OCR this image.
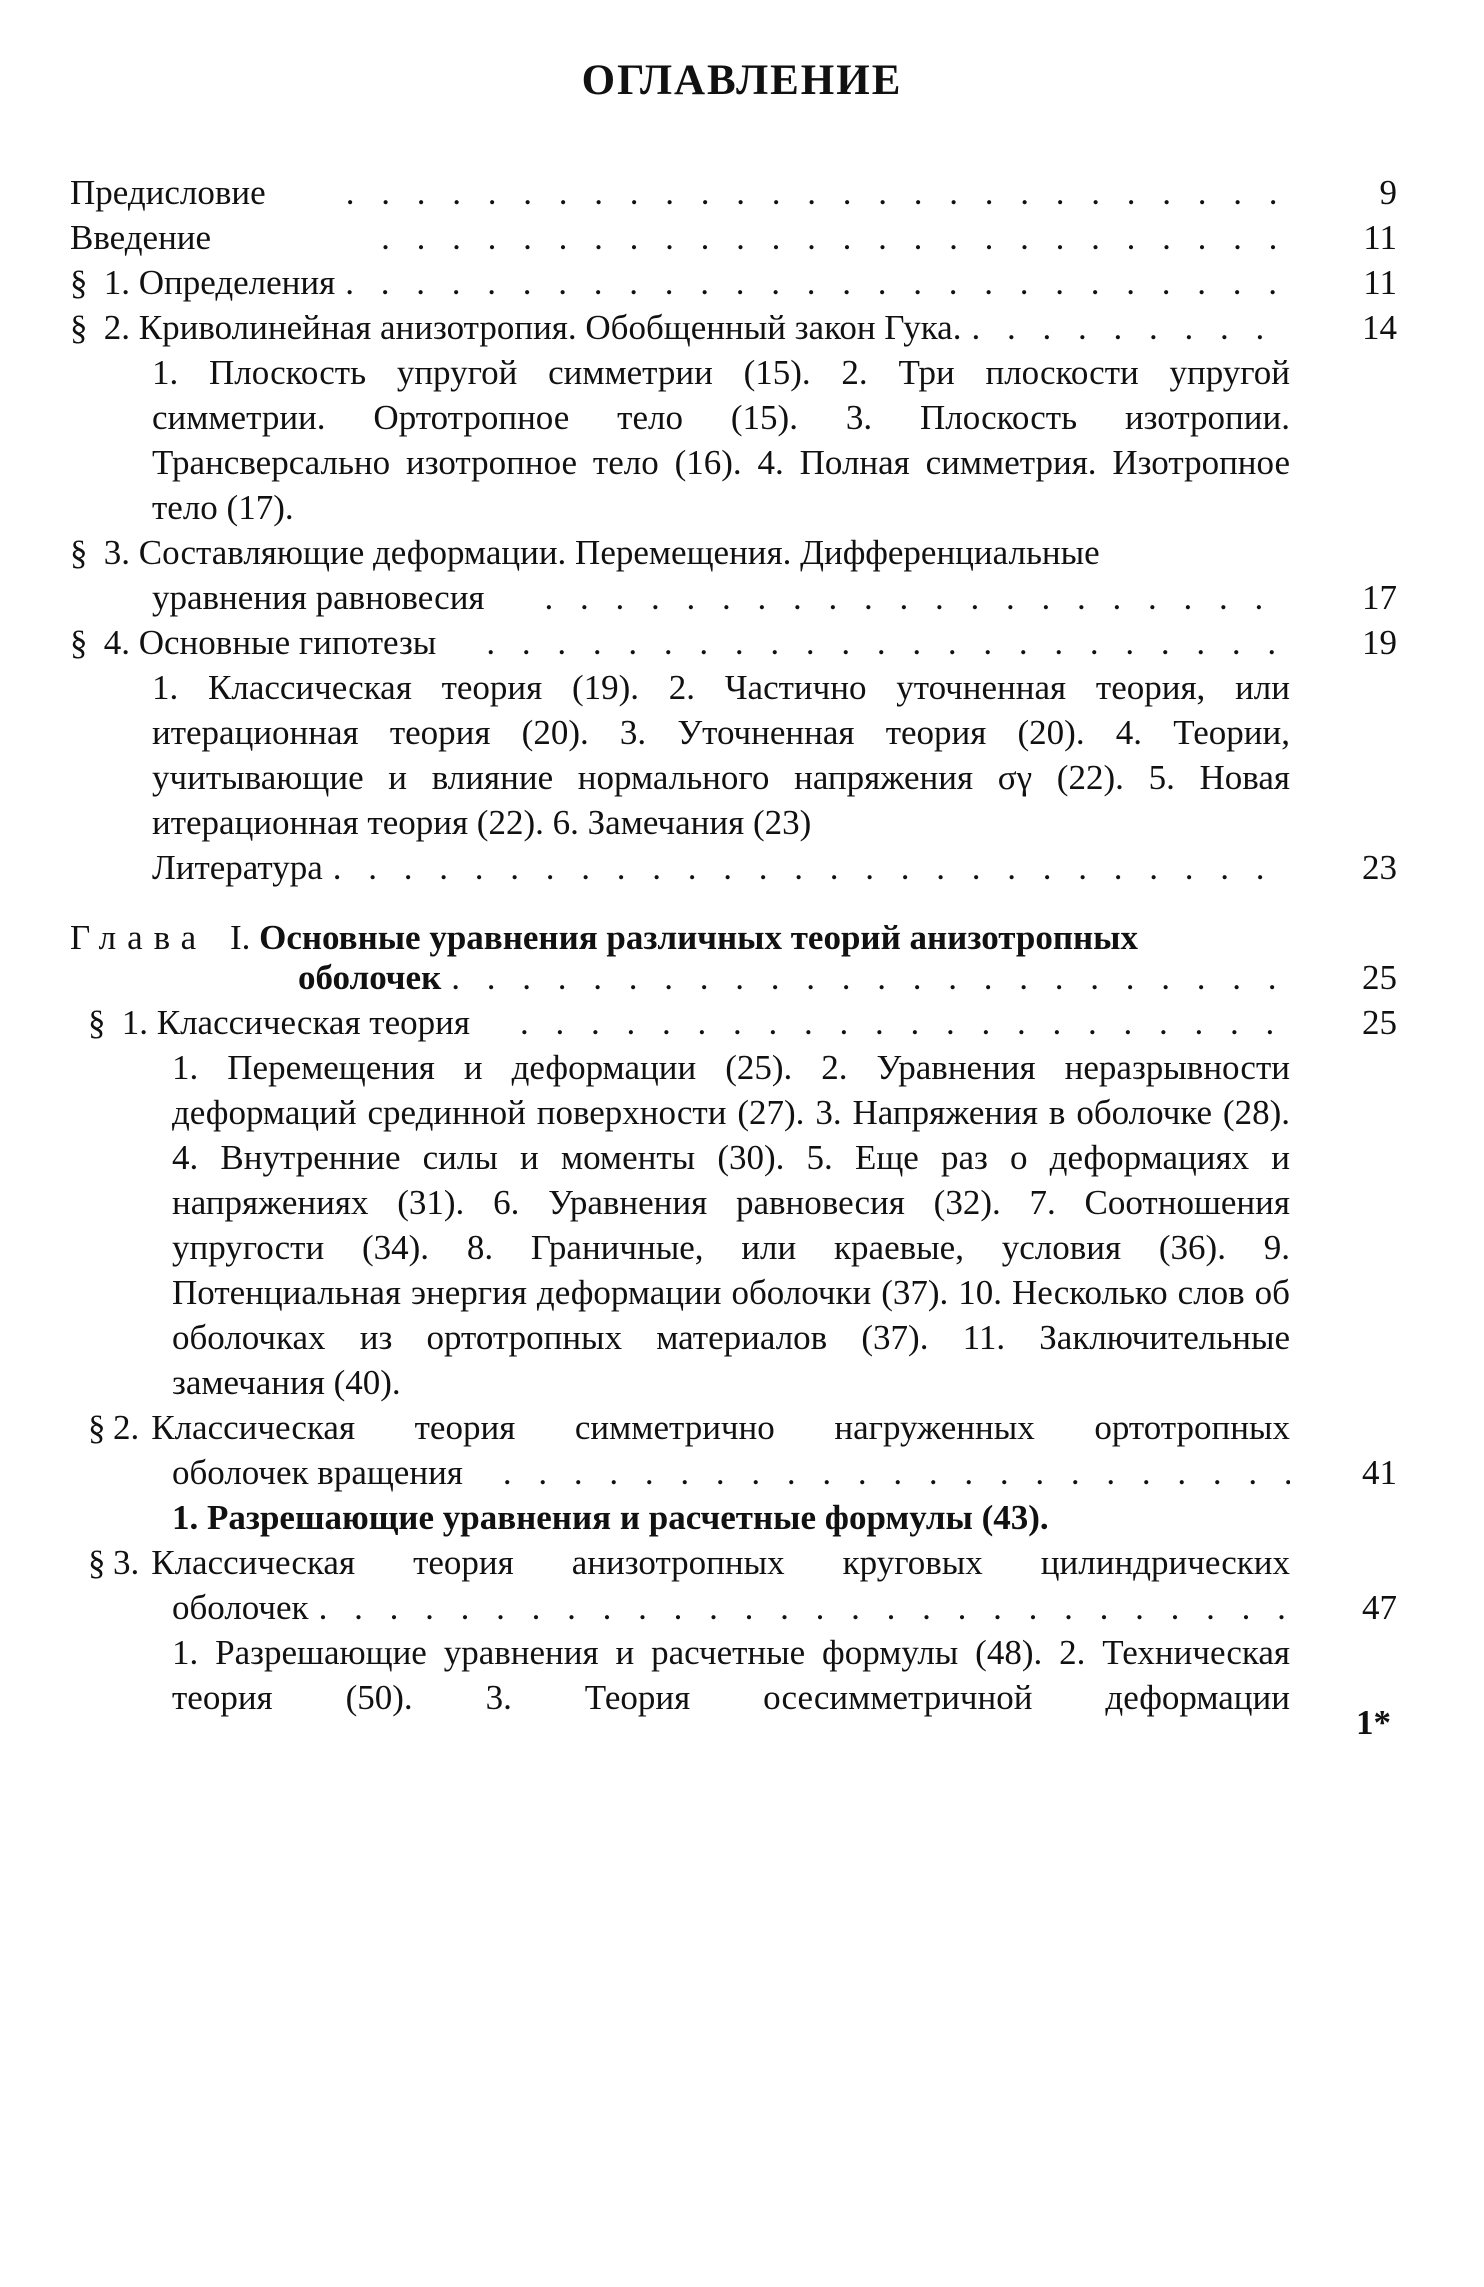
ОГЛАВЛЕНИЕ
Предисловие . . .	9
Введение . . .	11
§ 1. Определения . . .	11
§ 2. Криволинейная анизотропия. Обобщенный закон Гука. . . .	14
1. Плоскость упругой симметрии (15). 2. Три плоскости упругой симметрии. Ортотропное тело (15). 3. Плоскость изотропии. Трансверсально изотропное тело (16). 4. Полная симметрия. Изотропное тело (17).
§ 3. Составляющие деформации. Перемещения. Дифференциальные
уравнения равновесия . . .	17
§ 4. Основные гипотезы . . .	19
1. Классическая теория (19). 2. Частично уточненная теория, или итерационная теория (20). 3. Уточненная теория (20). 4. Теории, учитывающие и влияние нормального напряжения σγ (22). 5. Новая итерационная теория (22). 6. Замечания (23)
Литература . . .	23
Глава I. Основные уравнения различных теорий анизотропных
оболочек . . .	25
§ 1. Классическая теория . . .	25
1. Перемещения и деформации (25). 2. Уравнения неразрывности деформаций срединной поверхности (27). 3. Напряжения в оболочке (28). 4. Внутренние силы и моменты (30). 5. Еще раз о деформациях и напряжениях (31). 6. Уравнения равновесия (32). 7. Соотношения упругости (34). 8. Граничные, или краевые, условия (36). 9. Потенциальная энергия деформации оболочки (37). 10. Несколько слов об оболочках из ортотропных материалов (37). 11. Заключительные замечания (40).
§ 2. Классическая теория симметрично нагруженных ортотропных
оболочек вращения . . .	41
1. Разрешающие уравнения и расчетные формулы (43).
§ 3. Классическая теория анизотропных круговых цилиндрических
оболочек . . .	47
1. Разрешающие уравнения и расчетные формулы (48). 2. Техническая теория (50). 3. Теория осесимметричной деформации
1*
